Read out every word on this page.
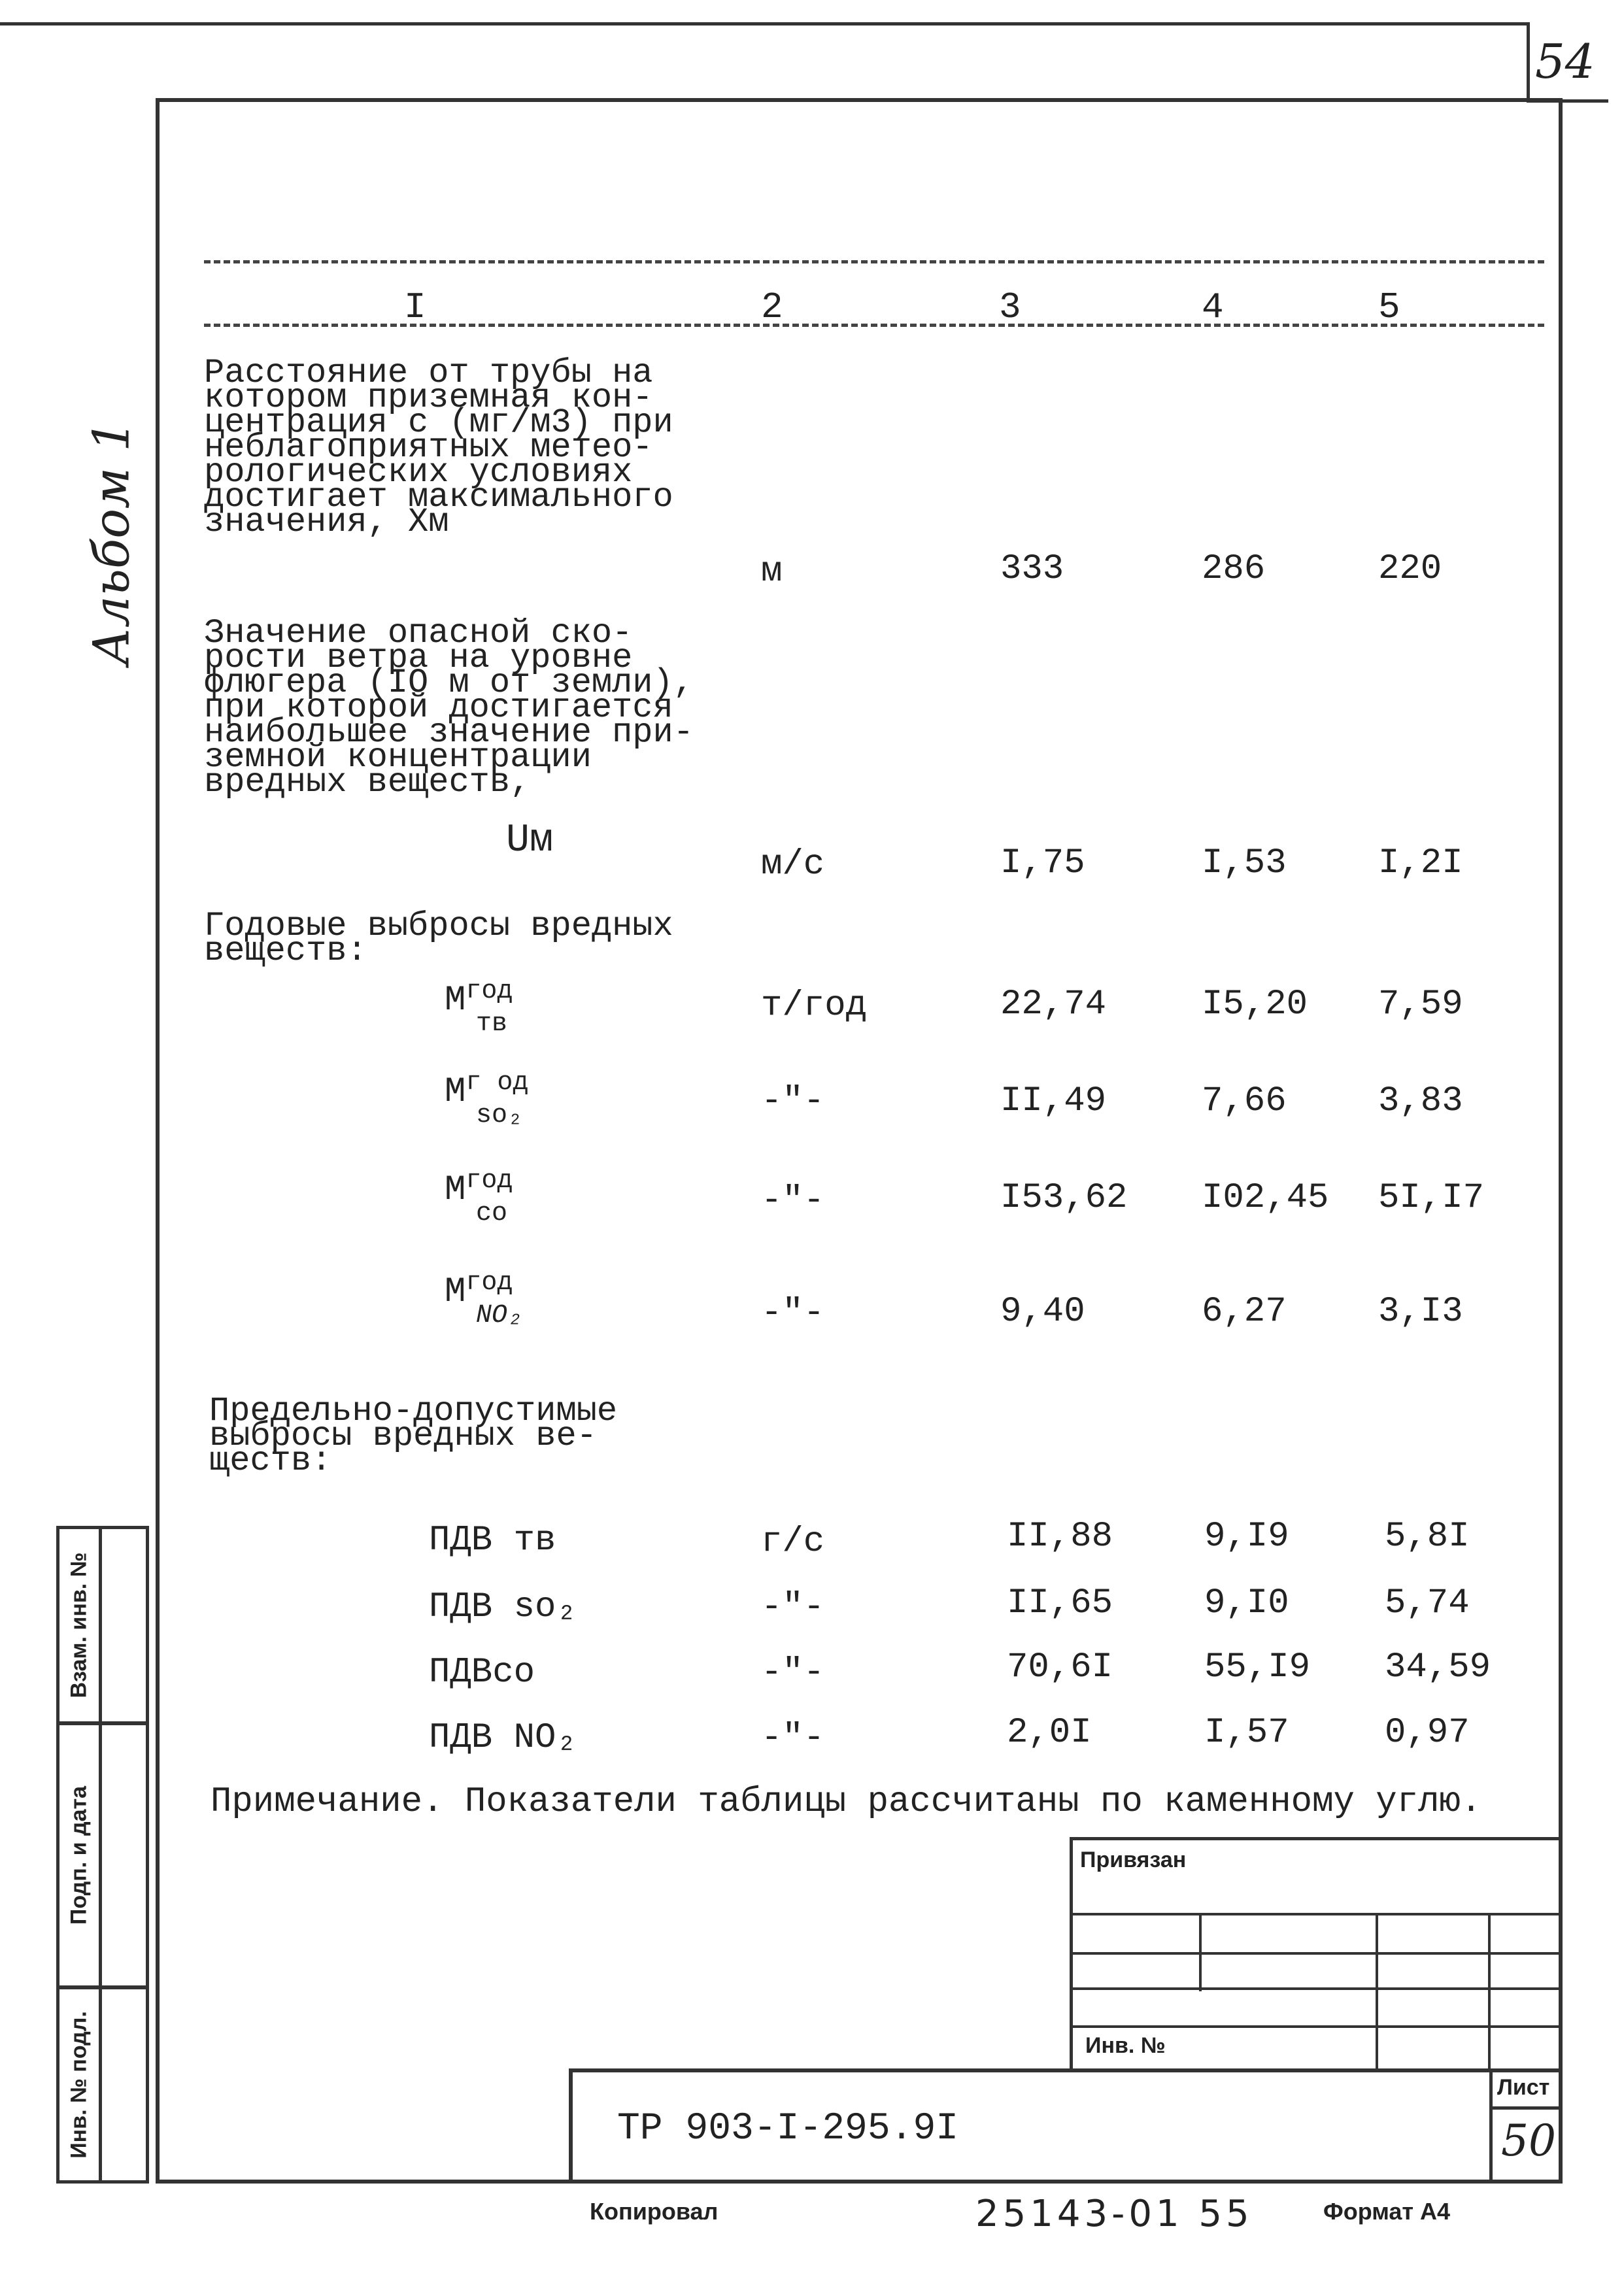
54
Альбом 1
I	2	3	4	5
Расстояние от трубы на
котором приземная кон-
центрация с (мг/м3) при
неблагоприятных метео-
рологических условиях
достигает максимального
значения, Хм
м	333	286	220
Значение опасной ско-
рости ветра на уровне
флюгера (IO м от земли),
при которой достигается
наибольшее значение при-
земной концентрации
вредных веществ,
Uм
м/с	I,75	I,53	I,2I
Годовые выбросы вредных
веществ:
$М^{год}$
тв	т/год	22,74	I5,20 7,59
$М^{г од}$
so₂	-"-	II,49	7,66	3,83
$М^{год}$
со	-"-	I53,62 I02,45 5I,I7
$М^{год}$
NO₂	-"-	9,40	6,27	3,I3
Предельно-допустимые
выбросы вредных ве-
ществ:
ПДВ тв	г/с	II,88	9,I9	5,8I
ПДВ so₂	-"-	II,65	9,I0	5,74
ПДВсо	-"-	70,6I	55,I9 34,59
ПДВ NO₂	-"-	2,0I	I,57	0,97
Примечание. Показатели таблицы рассчитаны по каменному углю.
Взам. инв. №
Подп. и дата
Инв. № подл.
Привязан
Инв. №
ТР 903-I-295.9I
Лист
50
Копировал	25143-01 55	Формат А4
